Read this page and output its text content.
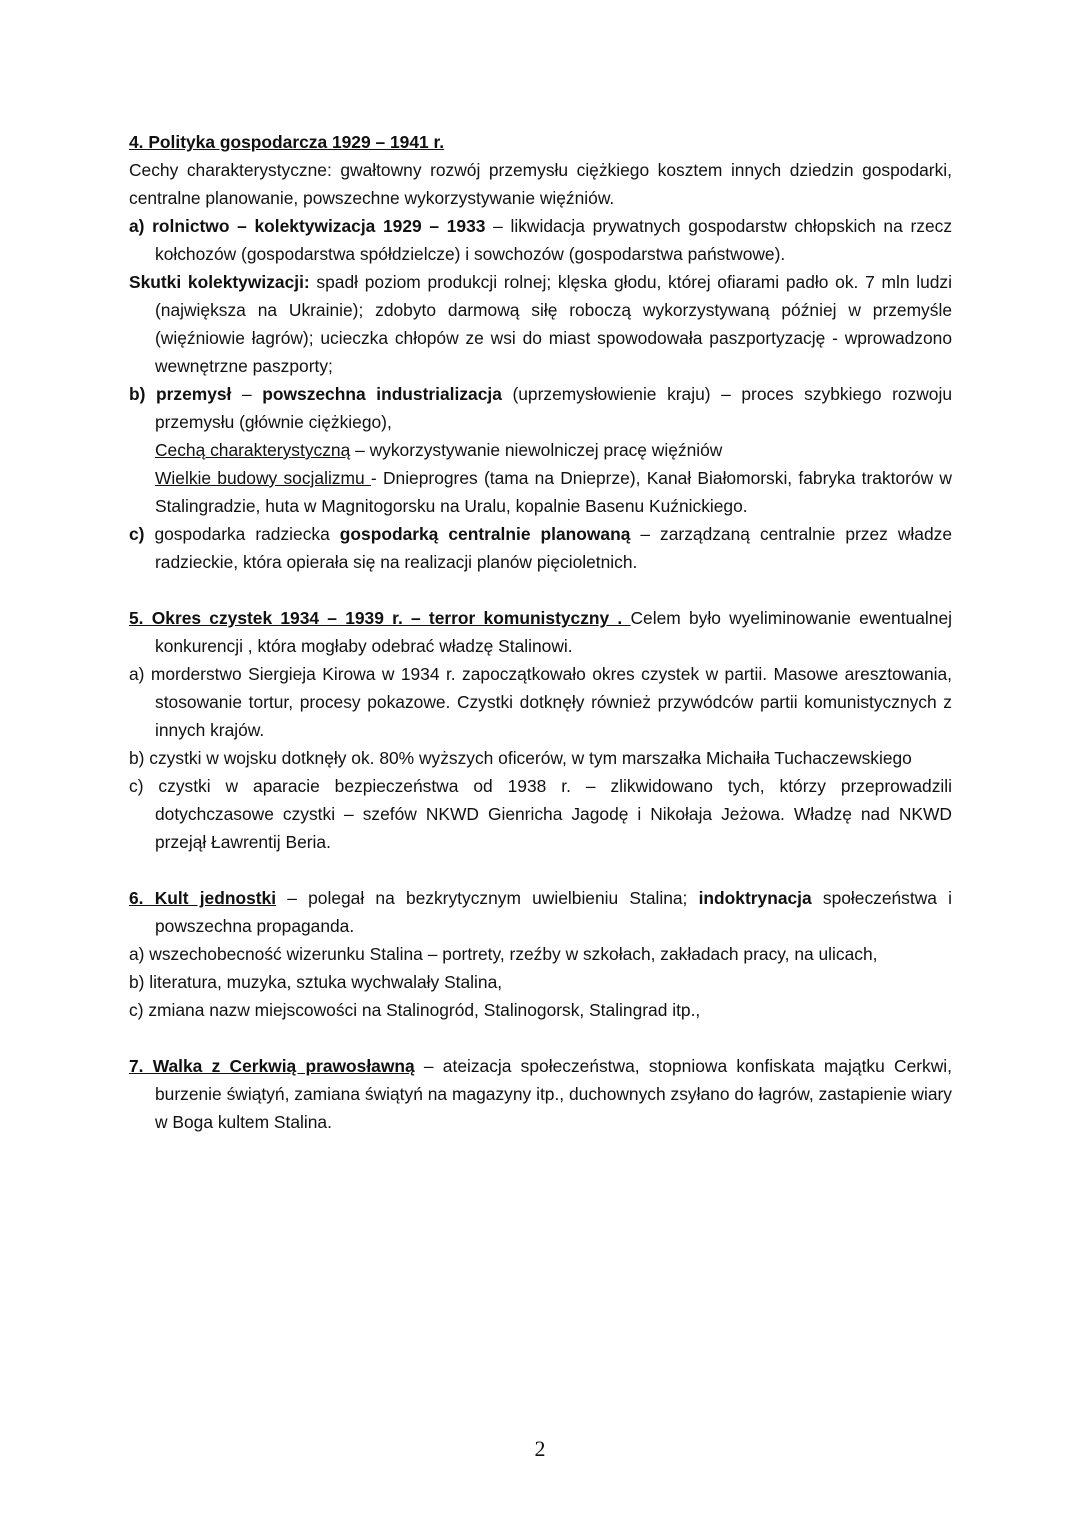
4. Polityka gospodarcza 1929 – 1941 r.

Cechy charakterystyczne: gwałtowny rozwój przemysłu ciężkiego kosztem innych dziedzin gospodarki, centralne planowanie, powszechne wykorzystywanie więźniów.

a) rolnictwo – kolektywizacja 1929 – 1933 – likwidacja prywatnych gospodarstw chłopskich na rzecz kołchozów (gospodarstwa spółdzielcze) i sowchozów (gospodarstwa państwowe).

Skutki kolektywizacji: spadł poziom produkcji rolnej; klęska głodu, której ofiarami padło ok. 7 mln ludzi (największa na Ukrainie); zdobyto darmową siłę roboczą wykorzystywaną później w przemyśle (więźniowie łagrów); ucieczka chłopów ze wsi do miast spowodowała paszportyzację - wprowadzono wewnętrzne paszporty;

b) przemysł – powszechna industrializacja (uprzemysłowienie kraju) – proces szybkiego rozwoju przemysłu (głównie ciężkiego),

Cechą charakterystyczną – wykorzystywanie niewolniczej pracę więźniów

Wielkie budowy socjalizmu - Dnieprogres (tama na Dnieprze), Kanał Białomorski, fabryka traktorów w Stalingradzie, huta w Magnitogorsku na Uralu, kopalnie Basenu Kuźnickiego.

c) gospodarka radziecka gospodarką centralnie planowaną – zarządzaną centralnie przez władze radzieckie, która opierała się na realizacji planów pięcioletnich.

5. Okres czystek 1934 – 1939 r. – terror komunistyczny . Celem było wyeliminowanie ewentualnej konkurencji , która mogłaby odebrać władzę Stalinowi.

a) morderstwo Siergieja Kirowa w 1934 r. zapoczątkowało okres czystek w partii. Masowe aresztowania, stosowanie tortur, procesy pokazowe. Czystki dotknęły również przywódców partii komunistycznych z innych krajów.

b) czystki w wojsku dotknęły ok. 80% wyższych oficerów, w tym marszałka Michaiła Tuchaczewskiego

c) czystki w aparacie bezpieczeństwa od 1938 r. – zlikwidowano tych, którzy przeprowadzili dotychczasowe czystki – szefów NKWD Gienricha Jagodę i Nikołaja Jeżowa. Władzę nad NKWD przejął Ławrentij Beria.

6. Kult jednostki – polegał na bezkrytycznym uwielbieniu Stalina; indoktrynacja społeczeństwa i powszechna propaganda.

a) wszechobecność wizerunku Stalina – portrety, rzeźby w szkołach, zakładach pracy, na ulicach,

b) literatura, muzyka, sztuka wychwalały Stalina,

c) zmiana nazw miejscowości na Stalinogród, Stalinogorsk, Stalingrad itp.,

7. Walka z Cerkwią prawosławną – ateizacja społeczeństwa, stopniowa konfiskata majątku Cerkwi, burzenie świątyń, zamiana świątyń na magazyny itp., duchownych zsyłano do łagrów, zastapienie wiary w Boga kultem Stalina.

2
